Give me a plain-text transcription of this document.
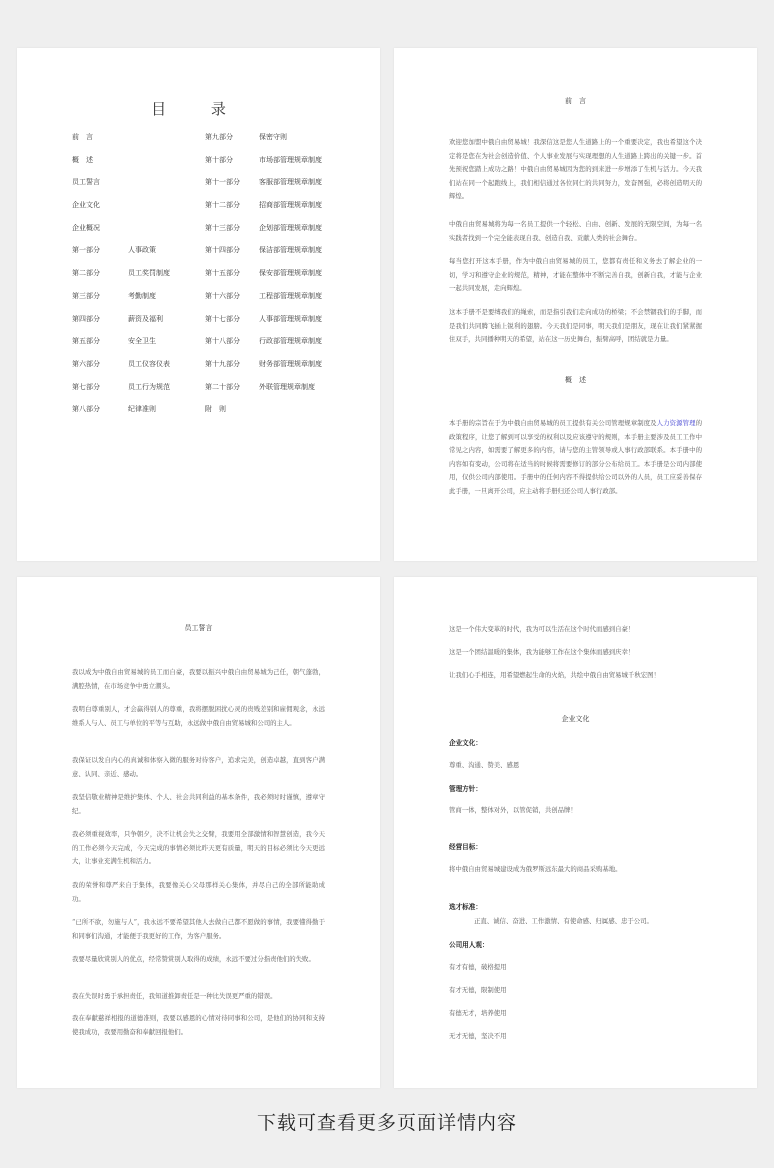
目 录
前　言
概　述
员工誓言
企业文化
企业概况
第一部分	人事政策
第二部分	员工奖罚制度
第三部分	考勤制度
第四部分	薪资及福利
第五部分	安全卫生
第六部分	员工仪容仪表
第七部分	员工行为规范
第八部分	纪律准则
第九部分	保密守则
第十部分	市场部管理规章制度
第十一部分	客服部管理规章制度
第十二部分	招商部管理规章制度
第十三部分	企划部管理规章制度
第十四部分	保洁部管理规章制度
第十五部分	保安部管理规章制度
第十六部分	工程部管理规章制度
第十七部分	人事部管理规章制度
第十八部分	行政部管理规章制度
第十九部分	财务部管理规章制度
第二十部分	外联管理规章制度
附　则
前　言

欢迎您加盟中俄自由贸易城！我深信这是您人生道路上的一个重要决定，我也希望这个决定将是您在为社会创造价值、个人事业发展与实现理想的人生道路上跨出的关键一步。首先预祝您踏上成功之路！中俄自由贸易城因为您的到来进一步增添了生机与活力。今天我们站在同一个起跑线上，我们相信通过各位同仁的共同努力，发奋图强，必将创造明天的辉煌。

中俄自由贸易城将为每一名员工提供一个轻松、自由、创新、发展的无限空间，为每一名实践者找到一个完全能表现自我、创造自我、贡献人类的社会舞台。

每当您打开这本手册，作为中俄自由贸易城的员工，您都有责任和义务去了解企业的一切，学习和遵守企业的规范，精神，才能在整体中不断完善自我，创新自我，才能与企业一起共同发展，走向辉煌。

这本手册不是要缚我们的绳索，而是指引我们走向成功的桥梁；不会禁锢我们的手脚，而是我们共同腾飞插上锐利的翅膀。今天我们是同事，明天我们是朋友，现在让我们紧紧握住双手，共同播种明天的希望，站在这一历史舞台，振臂高呼，团结就是力量。

概　述

本手册的宗旨在于为中俄自由贸易城的员工提供有关公司管理规章制度及人力资源管理的政策程序，让您了解到可以享受的权利以及应该遵守的规则，本手册主要涉及员工工作中常见之内容，如需要了解更多的内容，请与您的主管领导或人事行政部联系。本手册中的内容如有变动，公司将在适当的时候将需要修订的部分公布给员工。本手册是公司内部使用，仅供公司内部使用。手册中的任何内容不得提供给公司以外的人员，员工应妥善保存此手册，一旦离开公司，应主动将手册归还公司人事行政部。

员工誓言

我以成为中俄自由贸易城的员工而自豪，我要以振兴中俄自由贸易城为己任，朝气蓬勃，满腔热情，在市场竞争中勇立潮头。

我明白尊重别人，才会赢得别人的尊重，我将摆脱困扰心灵的贵贱差别和雇佣观念，永远维系人与人、员工与单位的平等与互助，永远做中俄自由贸易城和公司的主人。

我保证以发自内心的真诚和体察入微的服务对待客户，追求完美，创造卓越，直到客户满意、认同、亲近、感动。

我坚信敬业精神是维护集体、个人、社会共同利益的基本条件，我必须时时谨慎，遵章守纪。

我必须重视效率，只争朝夕，决不让机会失之交臂，我要用全部激情和智慧创造，我今天的工作必须今天完成，今天完成的事情必须比昨天更有质量，明天的目标必须比今天更远大，让事业充满生机和活力。

我的荣誉和尊严来自于集体，我要像关心父母那样关心集体，并尽自己的全部所能助成功。

“已所不欲，勿施与人”，我永远不要希望其他人去做自己都不愿做的事情，我要懂得勤于和同事们沟通，才能便于我更好的工作，为客户服务。

我要尽量欣赏别人的优点，经常赞赏别人取得的成绩，永远不要过分指责他们的失败。

我在失误时勇于承担责任，我知道推卸责任是一种比失误更严重的错误。

我在奉献慈祥相报的道德准则，我要以感恩的心情对待同事和公司，是他们的协同和支持使我成功，我要用勤奋和奉献回报他们。

这是一个伟大变革的时代，我为可以生活在这个时代而感到自豪！
这是一个团结温暖的集体，我为能够工作在这个集体而感到庆幸！
让我们心手相连，用希望燃起生命的火焰，共绘中俄自由贸易城千秋宏图！
企业文化
企业文化：
尊重、沟通、赞美、感恩
管理方针：
管商一体，整体对外，以管促销，共创品牌！
经营目标：
将中俄自由贸易城建设成为俄罗斯远东最大的商品采购基地。
选才标准：
正直、诚信、奋进、工作激情、有使命感、归属感、忠于公司。
公司用人观：
有才有德，破格提用
有才无德，限制使用
有德无才，培养使用
无才无德，坚决不用
下载可查看更多页面详情内容
